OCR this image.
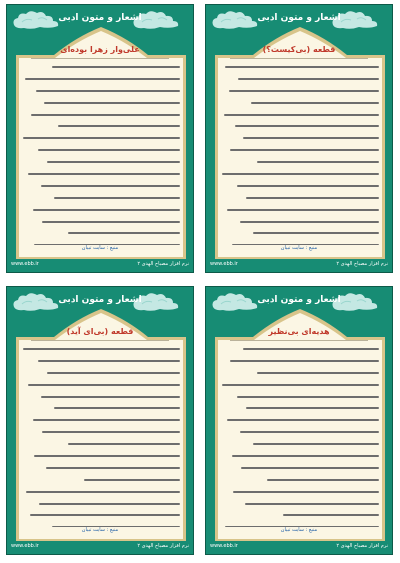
اشعار و متون ادبی
قطعه (بی‌کیست؟)
منبع : سایت تبیان
www.ebb.ir	نرم افزار مصباح الهدی ۲
اشعار و متون ادبی
علی‌وار زهرا بوده‌ای
منبع : سایت تبیان
www.ebb.ir	نرم افزار مصباح الهدی ۲
اشعار و متون ادبی
هدیه‌ای بی‌نظیر
منبع : سایت تبیان
www.ebb.ir	نرم افزار مصباح الهدی ۲
اشعار و متون ادبی
قطعه (بی‌ای آید)
منبع : سایت تبیان
www.ebb.ir	نرم افزار مصباح الهدی ۲
